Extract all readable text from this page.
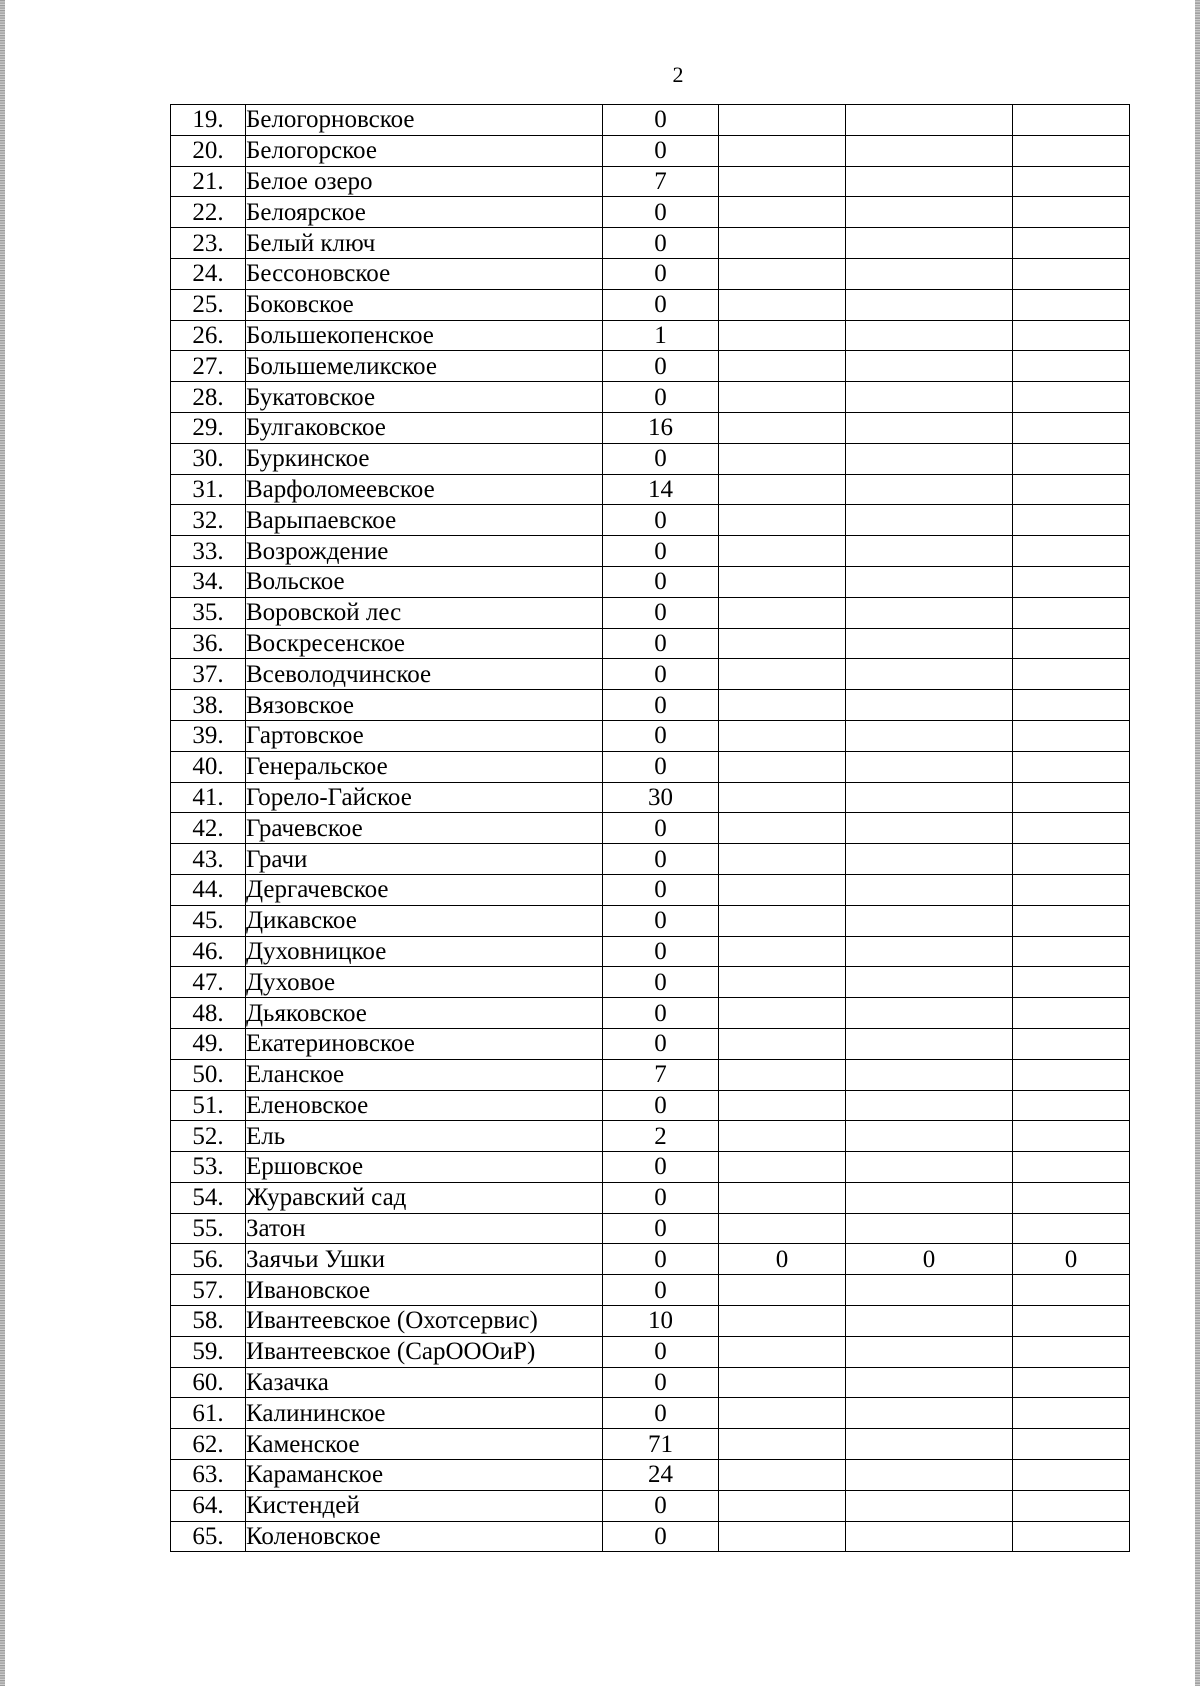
2
19.	Белогорновское	0			
20.	Белогорское	0			
21.	Белое озеро	7			
22.	Белоярское	0			
23.	Белый ключ	0			
24.	Бессоновское	0			
25.	Боковское	0			
26.	Большекопенское	1			
27.	Большемеликское	0			
28.	Букатовское	0			
29.	Булгаковское	16			
30.	Буркинское	0			
31.	Варфоломеевское	14			
32.	Варыпаевское	0			
33.	Возрождение	0			
34.	Вольское	0			
35.	Воровской лес	0			
36.	Воскресенское	0			
37.	Всеволодчинское	0			
38.	Вязовское	0			
39.	Гартовское	0			
40.	Генеральское	0			
41.	Горело-Гайское	30			
42.	Грачевское	0			
43.	Грачи	0			
44.	Дергачевское	0			
45.	Дикавское	0			
46.	Духовницкое	0			
47.	Духовое	0			
48.	Дьяковское	0			
49.	Екатериновское	0			
50.	Еланское	7			
51.	Еленовское	0			
52.	Ель	2			
53.	Ершовское	0			
54.	Журавский сад	0			
55.	Затон	0			
56.	Заячьи Ушки	0	0	0	0
57.	Ивановское	0			
58.	Ивантеевское (Охотсервис)	10			
59.	Ивантеевское (СарОООиР)	0			
60.	Казачка	0			
61.	Калининское	0			
62.	Каменское	71			
63.	Караманское	24			
64.	Кистендей	0			
65.	Коленовское	0			
